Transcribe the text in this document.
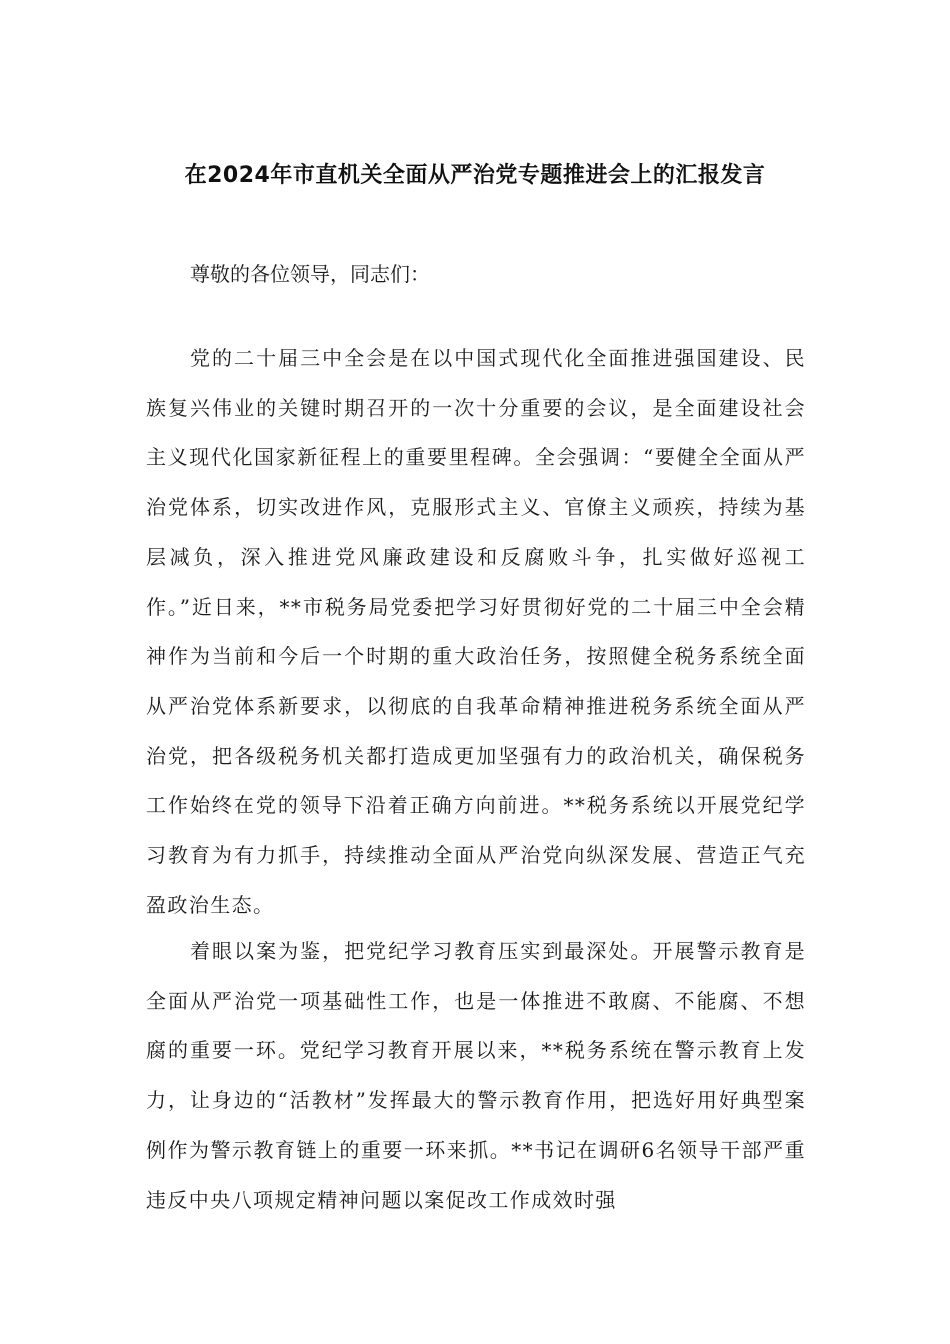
在2024年市直机关全面从严治党专题推进会上的汇报发言
尊敬的各位领导，同志们：
党的二十届三中全会是在以中国式现代化全面推进强国建设、民族复兴伟业的关键时期召开的一次十分重要的会议，是全面建设社会主义现代化国家新征程上的重要里程碑。全会强调：“要健全全面从严治党体系，切实改进作风，克服形式主义、官僚主义顽疾，持续为基层减负，深入推进党风廉政建设和反腐败斗争，扎实做好巡视工作。”近日来，**市税务局党委把学习好贯彻好党的二十届三中全会精神作为当前和今后一个时期的重大政治任务，按照健全税务系统全面从严治党体系新要求，以彻底的自我革命精神推进税务系统全面从严治党，把各级税务机关都打造成更加坚强有力的政治机关，确保税务工作始终在党的领导下沿着正确方向前进。**税务系统以开展党纪学习教育为有力抓手，持续推动全面从严治党向纵深发展、营造正气充盈政治生态。
着眼以案为鉴，把党纪学习教育压实到最深处。开展警示教育是全面从严治党一项基础性工作，也是一体推进不敢腐、不能腐、不想腐的重要一环。党纪学习教育开展以来，**税务系统在警示教育上发力，让身边的“活教材”发挥最大的警示教育作用，把选好用好典型案例作为警示教育链上的重要一环来抓。**书记在调研6名领导干部严重违反中央八项规定精神问题以案促改工作成效时强
